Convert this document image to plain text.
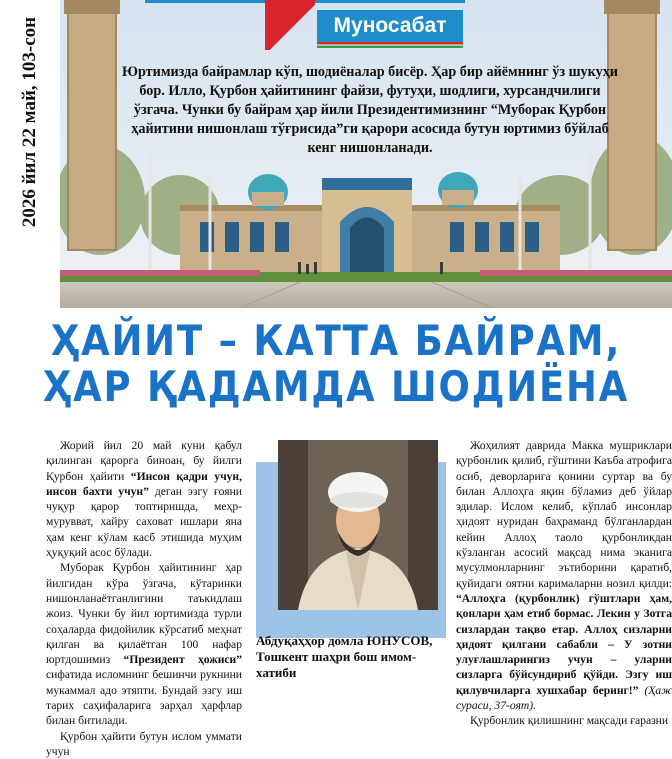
2026 йил 22 май, 103-сон	Муносабат
Юртимизда байрамлар кўп, шодиёналар бисёр. Ҳар бир айёмнинг ўз шукуҳи бор. Илло, Қурбон ҳайитининг файзи, футуҳи, шодлиги, хурсандчилиги ўзгача. Чунки бу байрам ҳар йили Президентимизнинг “Муборак Қурбон ҳайитини нишонлаш тўғрисида”ги қарори асосида бутун юртимиз бўйлаб кенг нишонланади.
ҲАЙИТ – КАТТА БАЙРАМ,
ҲАР ҚАДАМДА ШОДИЁНА

Жорий йил 20 май куни қабул қилинган қарорга биноан, бу йилги Қурбон ҳайити “Инсон қадри учун, инсон бахти учун” деган эзгу ғояни чуқур қарор топтиришда, меҳр-мурувват, хайру саховат ишлари яна ҳам кенг кўлам касб этишида муҳим ҳуқуқий асос бўлади.

Муборак Қурбон ҳайитининг ҳар йилгидан кўра ўзгача, кўтаринки нишонланаётганлигини таъкидлаш жоиз. Чунки бу йил юртимизда турли соҳаларда фидойилик кўрсатиб меҳнат қилган ва қилаётган 100 нафар юртдошимиз “Президент ҳожиси” сифатида исломнинг бешинчи рукнини мукаммал адо этяпти. Бундай эзгу иш тарих саҳифаларига зарҳал ҳарфлар билан битилади.

Қурбон ҳайити бутун ислом уммати учун

Абдуқаҳҳор домла ЮНУСОВ,
Тошкент шаҳри бош имом-хатиби

Жоҳилият даврида Макка мушриклари қурбонлик қилиб, гўштини Каъба атрофига осиб, деворларига қонини суртар ва бу билан Аллоҳга яқин бўламиз деб ўйлар эдилар. Ислом келиб, кўплаб инсонлар ҳидоят нуридан баҳраманд бўлганлардан кейин Аллоҳ таоло қурбонликдан кўзланган асосий мақсад нима эканига мусулмонларнинг эътиборини қаратиб, қуйидаги оятни карималарни нозил қилди: “Аллоҳга (қурбонлик) гўштлари ҳам, қонлари ҳам етиб бормас. Лекин у Зотга сизлардан тақво етар. Аллоҳ сизларни ҳидоят қилгани сабабли – У зотни улуғлашларингиз учун – уларни сизларга бўйсундириб қўйди. Эзгу иш қилувчиларга хушхабар беринг!” (Ҳаж сураси, 37-оят).

Қурбонлик қилишнинг мақсади ғаразни
